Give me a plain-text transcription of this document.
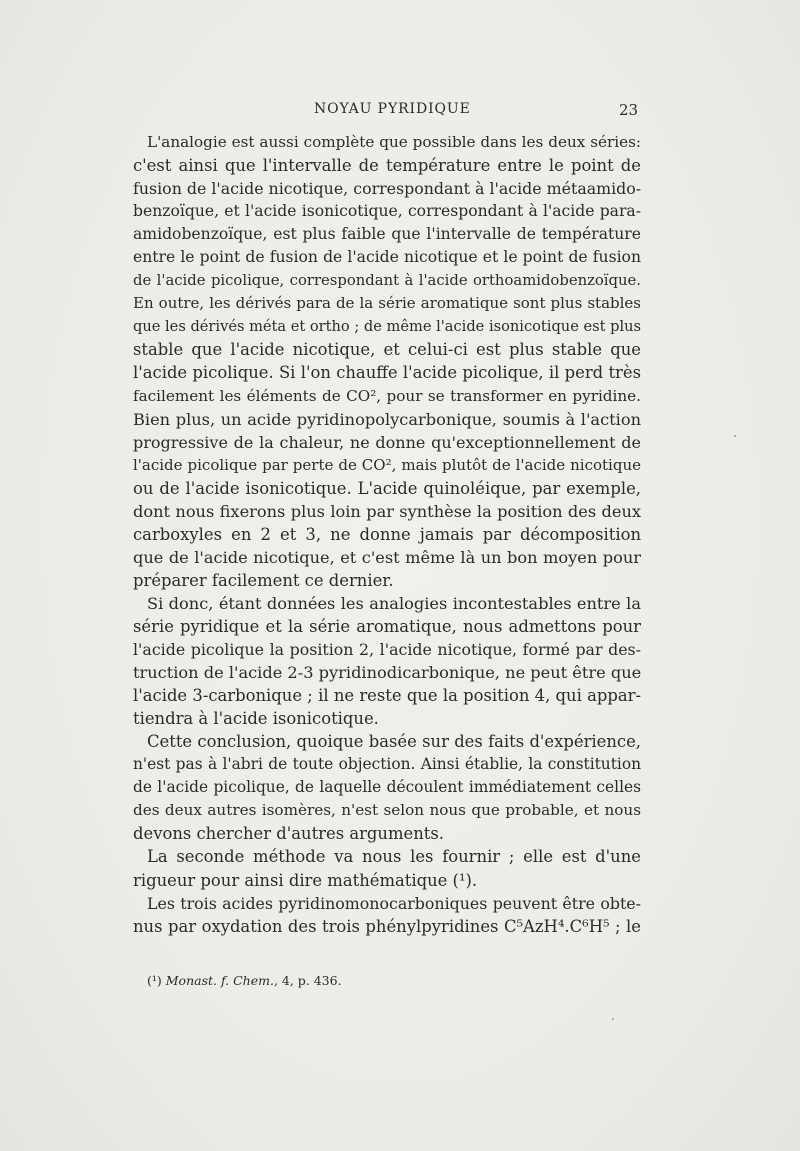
NOYAU PYRIDIQUE	23
L'analogie est aussi complète que possible dans les deux séries:
c'est ainsi que l'intervalle de température entre le point de
fusion de l'acide nicotique, correspondant à l'acide métaamido-
benzoïque, et l'acide isonicotique, correspondant à l'acide para-
amidobenzoïque, est plus faible que l'intervalle de température
entre le point de fusion de l'acide nicotique et le point de fusion
de l'acide picolique, correspondant à l'acide orthoamidobenzoïque.
En outre, les dérivés para de la série aromatique sont plus stables
que les dérivés méta et ortho ; de même l'acide isonicotique est plus
stable que l'acide nicotique, et celui-ci est plus stable que
l'acide picolique. Si l'on chauffe l'acide picolique, il perd très
facilement les éléments de CO², pour se transformer en pyridine.
Bien plus, un acide pyridinopolycarbonique, soumis à l'action
progressive de la chaleur, ne donne qu'exceptionnellement de
l'acide picolique par perte de CO², mais plutôt de l'acide nicotique
ou de l'acide isonicotique. L'acide quinoléique, par exemple,
dont nous fixerons plus loin par synthèse la position des deux
carboxyles en 2 et 3, ne donne jamais par décomposition
que de l'acide nicotique, et c'est même là un bon moyen pour
préparer facilement ce dernier.
Si donc, étant données les analogies incontestables entre la
série pyridique et la série aromatique, nous admettons pour
l'acide picolique la position 2, l'acide nicotique, formé par des-
truction de l'acide 2-3 pyridinodicarbonique, ne peut être que
l'acide 3-carbonique ; il ne reste que la position 4, qui appar-
tiendra à l'acide isonicotique.
Cette conclusion, quoique basée sur des faits d'expérience,
n'est pas à l'abri de toute objection. Ainsi établie, la constitution
de l'acide picolique, de laquelle découlent immédiatement celles
des deux autres isomères, n'est selon nous que probable, et nous
devons chercher d'autres arguments.
La seconde méthode va nous les fournir ; elle est d'une
rigueur pour ainsi dire mathématique (¹).
Les trois acides pyridinomonocarboniques peuvent être obte-
nus par oxydation des trois phénylpyridines C⁵AzH⁴.C⁶H⁵ ; le
(¹) Monast. f. Chem., 4, p. 436.
